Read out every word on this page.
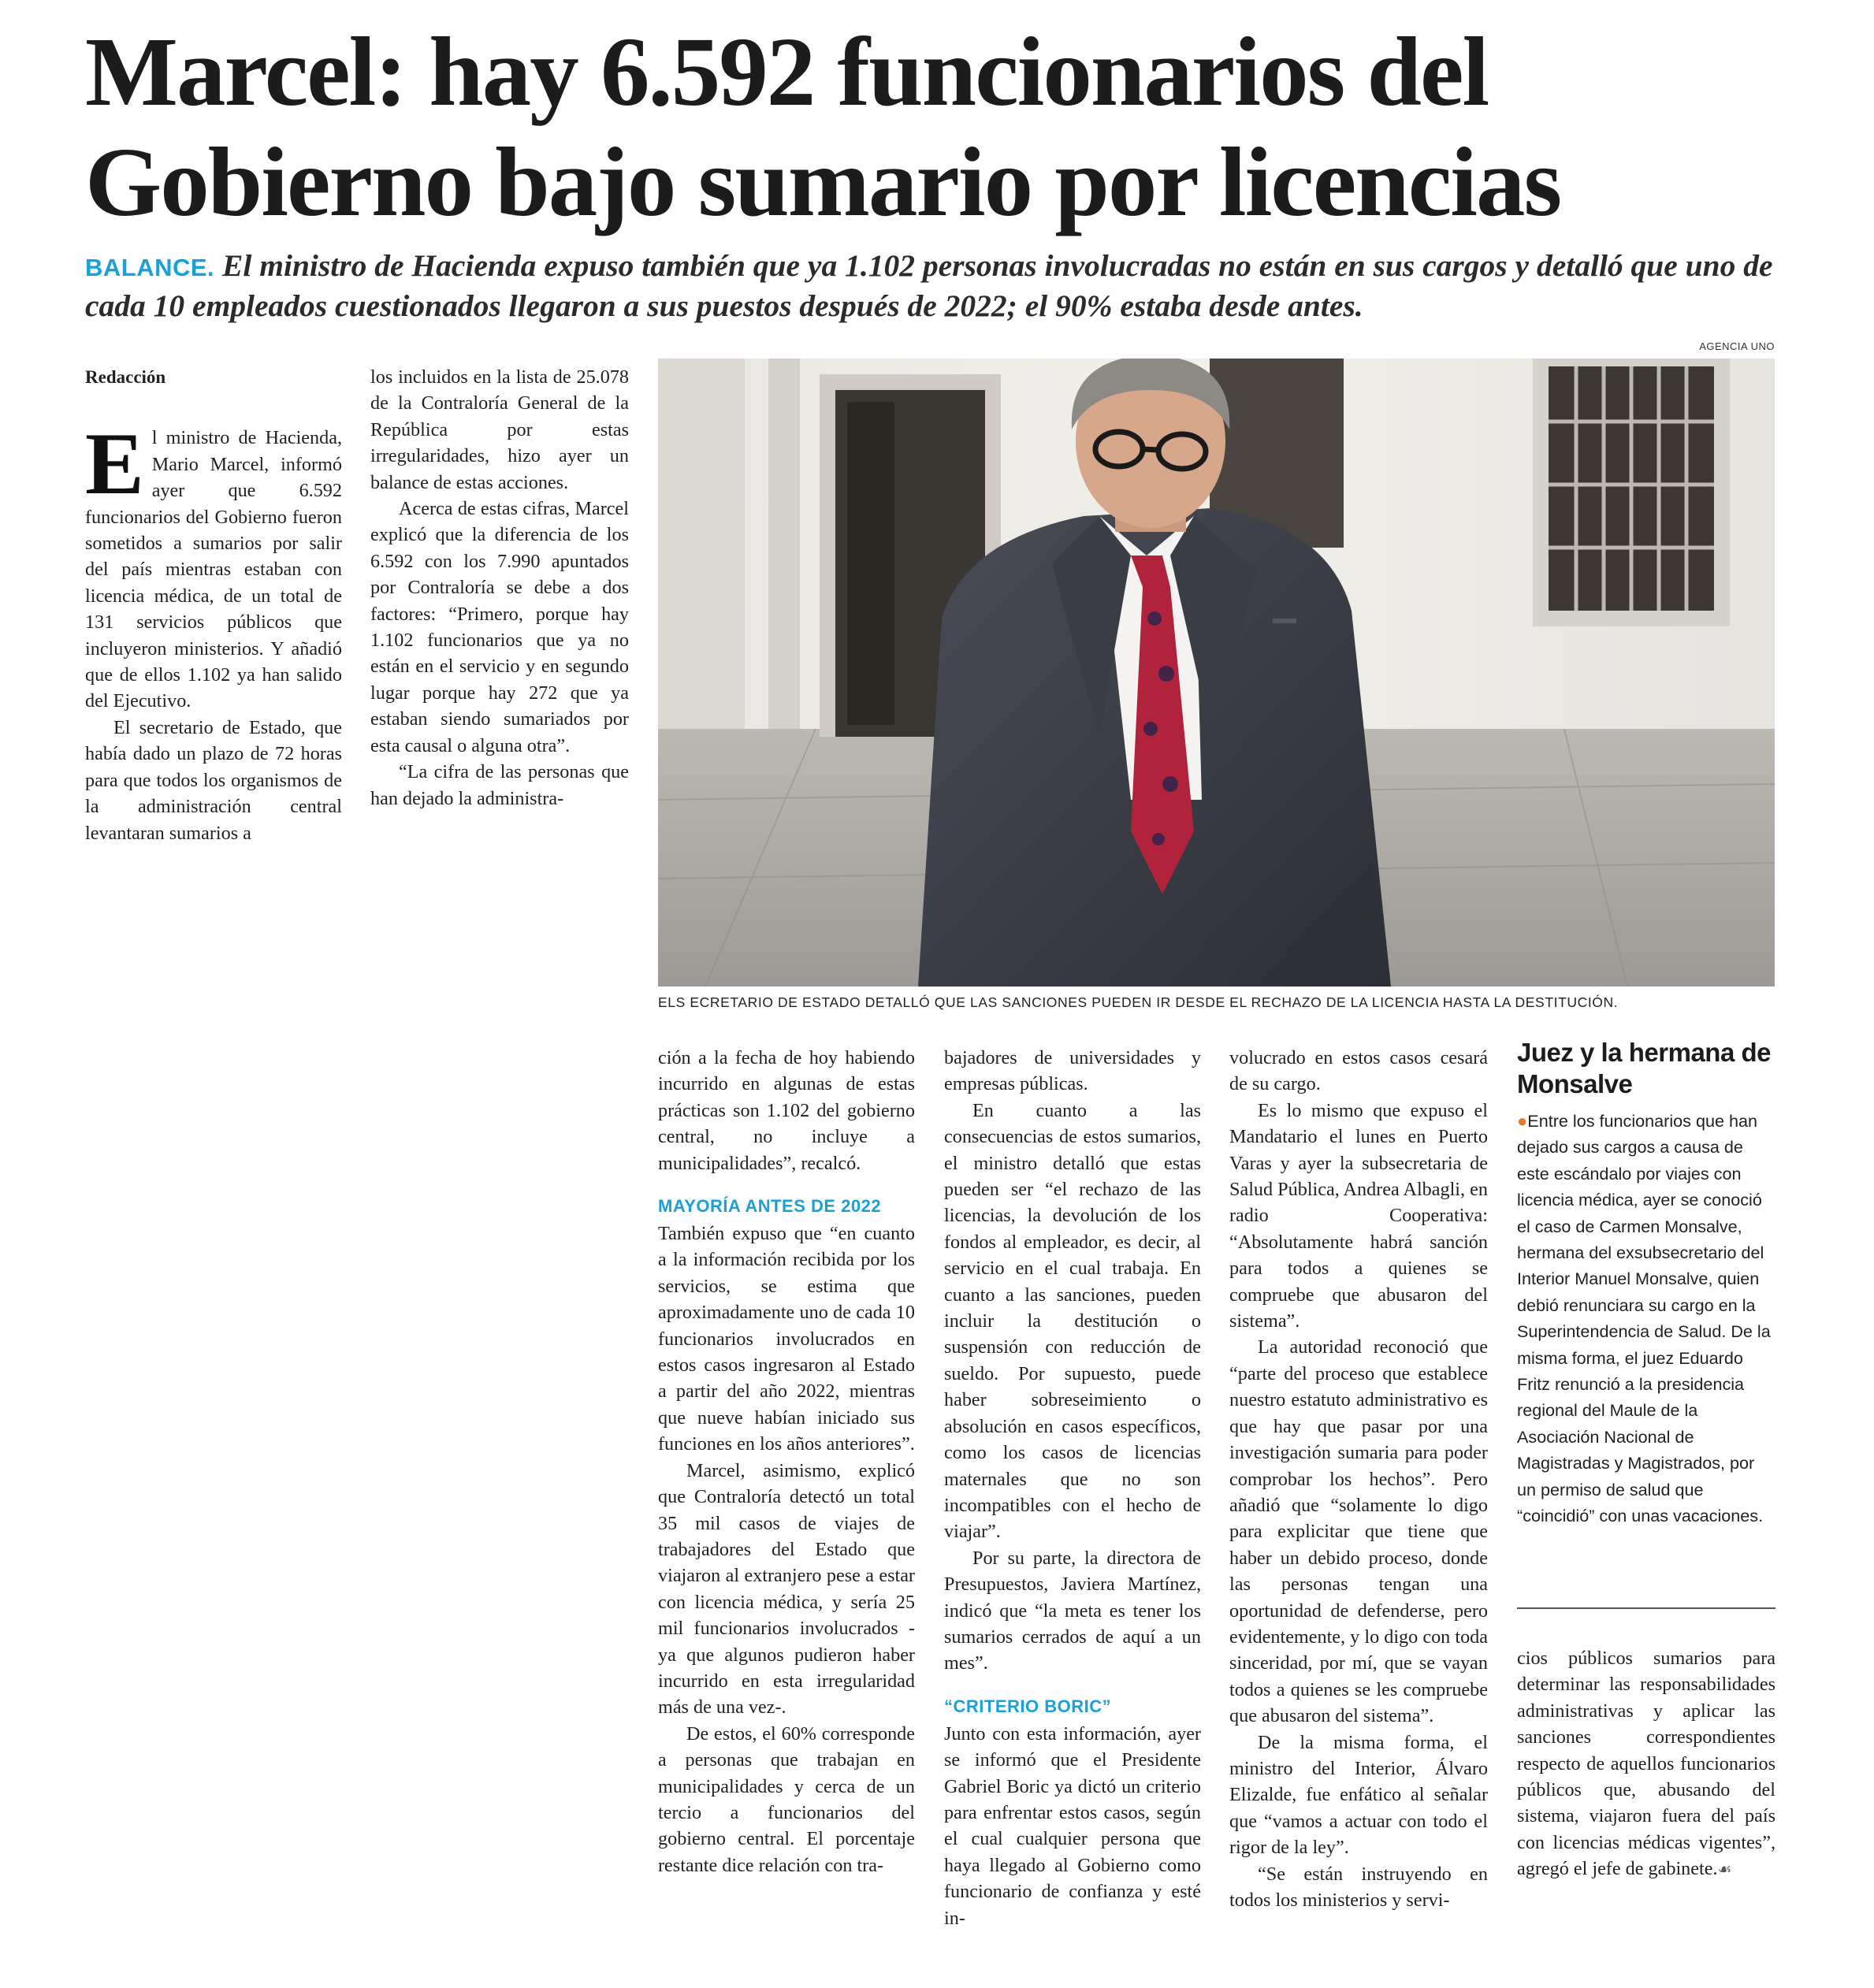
Marcel: hay 6.592 funcionarios del Gobierno bajo sumario por licencias

BALANCE. El ministro de Hacienda expuso también que ya 1.102 personas involucradas no están en sus cargos y detalló que uno de cada 10 empleados cuestionados llegaron a sus puestos después de 2022; el 90% estaba desde antes.

Redacción

El ministro de Hacienda, Mario Marcel, informó ayer que 6.592 funcionarios del Gobierno fueron sometidos a sumarios por salir del país mientras estaban con licencia médica, de un total de 131 servicios públicos que incluyeron ministerios. Y añadió que de ellos 1.102 ya han salido del Ejecutivo.

El secretario de Estado, que había dado un plazo de 72 horas para que todos los organismos de la administración central levantaran sumarios a

los incluidos en la lista de 25.078 de la Contraloría General de la República por estas irregularidades, hizo ayer un balance de estas acciones.

Acerca de estas cifras, Marcel explicó que la diferencia de los 6.592 con los 7.990 apuntados por Contraloría se debe a dos factores: “Primero, porque hay 1.102 funcionarios que ya no están en el servicio y en segundo lugar porque hay 272 que ya estaban siendo sumariados por esta causal o alguna otra”.

“La cifra de las personas que han dejado la administra-

AGENCIA UNO
ELS ECRETARIO DE ESTADO DETALLÓ QUE LAS SANCIONES PUEDEN IR DESDE EL RECHAZO DE LA LICENCIA HASTA LA DESTITUCIÓN.

ción a la fecha de hoy habiendo incurrido en algunas de estas prácticas son 1.102 del gobierno central, no incluye a municipalidades”, recalcó.

MAYORÍA ANTES DE 2022

También expuso que “en cuanto a la información recibida por los servicios, se estima que aproximadamente uno de cada 10 funcionarios involucrados en estos casos ingresaron al Estado a partir del año 2022, mientras que nueve habían iniciado sus funciones en los años anteriores”.

Marcel, asimismo, explicó que Contraloría detectó un total 35 mil casos de viajes de trabajadores del Estado que viajaron al extranjero pese a estar con licencia médica, y sería 25 mil funcionarios involucrados -ya que algunos pudieron haber incurrido en esta irregularidad más de una vez-.

De estos, el 60% corresponde a personas que trabajan en municipalidades y cerca de un tercio a funcionarios del gobierno central. El porcentaje restante dice relación con tra-

bajadores de universidades y empresas públicas.

En cuanto a las consecuencias de estos sumarios, el ministro detalló que estas pueden ser “el rechazo de las licencias, la devolución de los fondos al empleador, es decir, al servicio en el cual trabaja. En cuanto a las sanciones, pueden incluir la destitución o suspensión con reducción de sueldo. Por supuesto, puede haber sobreseimiento o absolución en casos específicos, como los casos de licencias maternales que no son incompatibles con el hecho de viajar”.

Por su parte, la directora de Presupuestos, Javiera Martínez, indicó que “la meta es tener los sumarios cerrados de aquí a un mes”.

“CRITERIO BORIC”

Junto con esta información, ayer se informó que el Presidente Gabriel Boric ya dictó un criterio para enfrentar estos casos, según el cual cualquier persona que haya llegado al Gobierno como funcionario de confianza y esté in-

volucrado en estos casos cesará de su cargo.

Es lo mismo que expuso el Mandatario el lunes en Puerto Varas y ayer la subsecretaria de Salud Pública, Andrea Albagli, en radio Cooperativa: “Absolutamente habrá sanción para todos a quienes se compruebe que abusaron del sistema”.

La autoridad reconoció que “parte del proceso que establece nuestro estatuto administrativo es que hay que pasar por una investigación sumaria para poder comprobar los hechos”. Pero añadió que “solamente lo digo para explicitar que tiene que haber un debido proceso, donde las personas tengan una oportunidad de defenderse, pero evidentemente, y lo digo con toda sinceridad, por mí, que se vayan todos a quienes se les compruebe que abusaron del sistema”.

De la misma forma, el ministro del Interior, Álvaro Elizalde, fue enfático al señalar que “vamos a actuar con todo el rigor de la ley”.

“Se están instruyendo en todos los ministerios y servi-

Juez y la hermana de Monsalve

●Entre los funcionarios que han dejado sus cargos a causa de este escándalo por viajes con licencia médica, ayer se conoció el caso de Carmen Monsalve, hermana del exsubsecretario del Interior Manuel Monsalve, quien debió renunciara su cargo en la Superintendencia de Salud. De la misma forma, el juez Eduardo Fritz renunció a la presidencia regional del Maule de la Asociación Nacional de Magistradas y Magistrados, por un permiso de salud que “coincidió” con unas vacaciones.

cios públicos sumarios para determinar las responsabilidades administrativas y aplicar las sanciones correspondientes respecto de aquellos funcionarios públicos que, abusando del sistema, viajaron fuera del país con licencias médicas vigentes”, agregó el jefe de gabinete.☙
